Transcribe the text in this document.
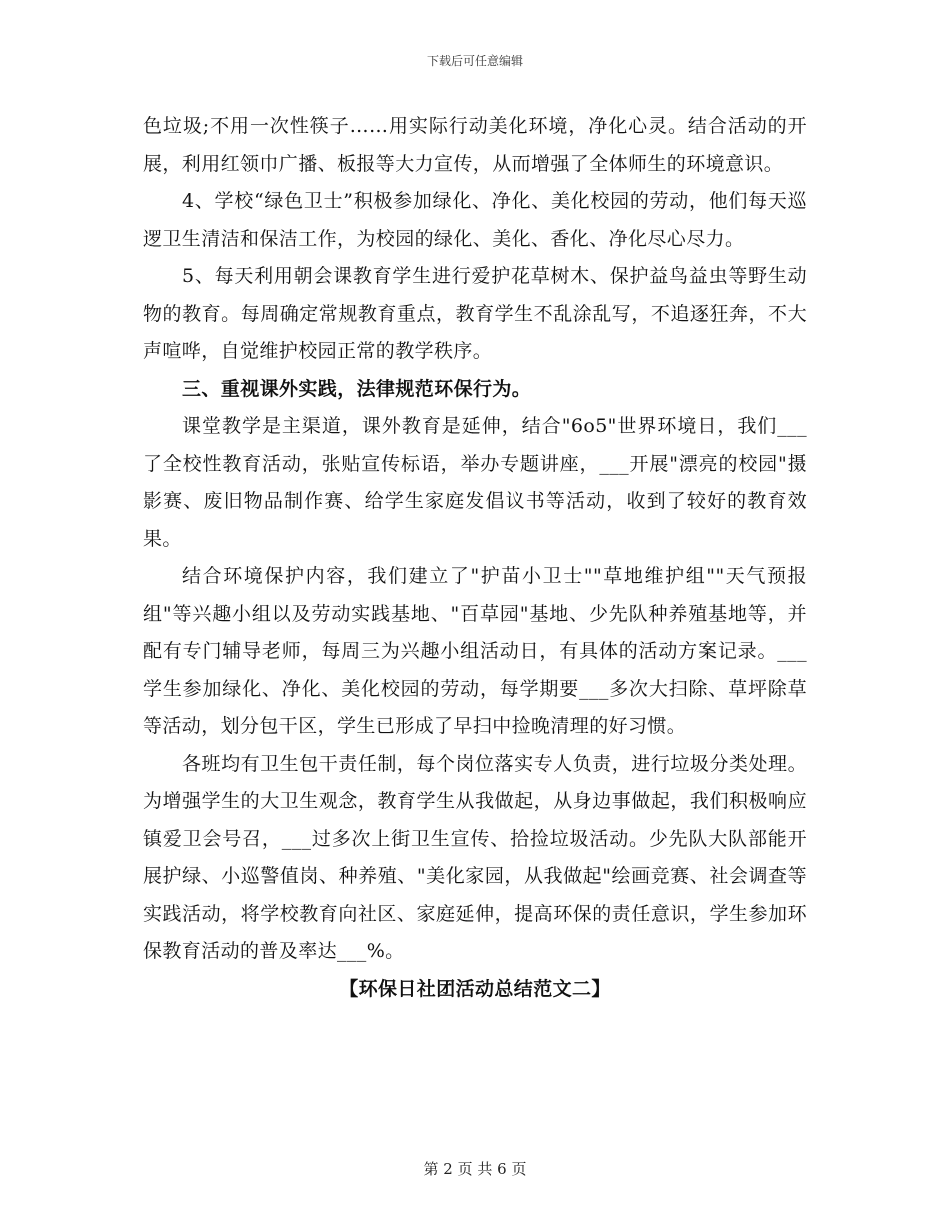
下载后可任意编辑

色垃圾;不用一次性筷子……用实际行动美化环境，净化心灵。结合活动的开展，利用红领巾广播、板报等大力宣传，从而增强了全体师生的环境意识。

4、学校“绿色卫士”积极参加绿化、净化、美化校园的劳动，他们每天巡逻卫生清洁和保洁工作，为校园的绿化、美化、香化、净化尽心尽力。

5、每天利用朝会课教育学生进行爱护花草树木、保护益鸟益虫等野生动物的教育。每周确定常规教育重点，教育学生不乱涂乱写，不追逐狂奔，不大声喧哗，自觉维护校园正常的教学秩序。

三、重视课外实践，法律规范环保行为。

课堂教学是主渠道，课外教育是延伸，结合"6o5"世界环境日，我们___了全校性教育活动，张贴宣传标语，举办专题讲座，___开展"漂亮的校园"摄影赛、废旧物品制作赛、给学生家庭发倡议书等活动，收到了较好的教育效果。

结合环境保护内容，我们建立了"护苗小卫士""草地维护组""天气预报组"等兴趣小组以及劳动实践基地、"百草园"基地、少先队种养殖基地等，并配有专门辅导老师，每周三为兴趣小组活动日，有具体的活动方案记录。___学生参加绿化、净化、美化校园的劳动，每学期要___多次大扫除、草坪除草等活动，划分包干区，学生已形成了早扫中捡晚清理的好习惯。

各班均有卫生包干责任制，每个岗位落实专人负责，进行垃圾分类处理。为增强学生的大卫生观念，教育学生从我做起，从身边事做起，我们积极响应镇爱卫会号召，___过多次上街卫生宣传、拾捡垃圾活动。少先队大队部能开展护绿、小巡警值岗、种养殖、"美化家园，从我做起"绘画竞赛、社会调查等实践活动，将学校教育向社区、家庭延伸，提高环保的责任意识，学生参加环保教育活动的普及率达___%。

【环保日社团活动总结范文二】

第 2 页 共 6 页
